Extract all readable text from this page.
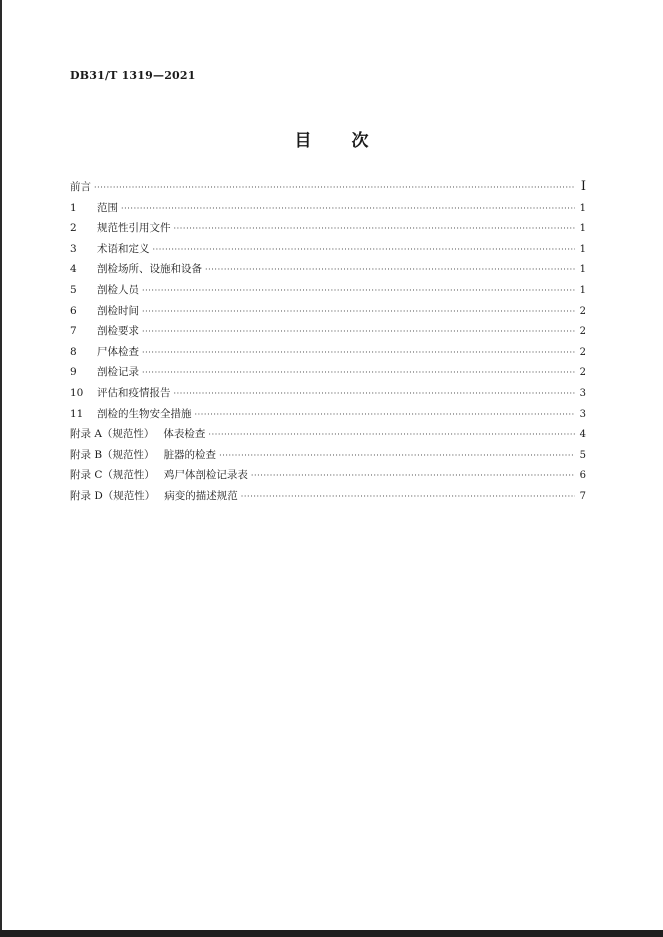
DB31/T 1319—2021
目 次
前言 ·····	Ⅰ
1 范围 ·····	1
2 规范性引用文件 ·····	1
3 术语和定义 ·····	1
4 剖检场所、设施和设备 ·····	1
5 剖检人员 ·····	1
6 剖检时间 ·····	2
7 剖检要求 ·····	2
8 尸体检查 ·····	2
9 剖检记录 ·····	2
10 评估和疫情报告 ·····	3
11 剖检的生物安全措施 ·····	3
附录 A（规范性） 体表检查 ·····	4
附录 B（规范性） 脏器的检查 ·····	5
附录 C（规范性） 鸡尸体剖检记录表 ·····	6
附录 D（规范性） 病变的描述规范 ·····	7
